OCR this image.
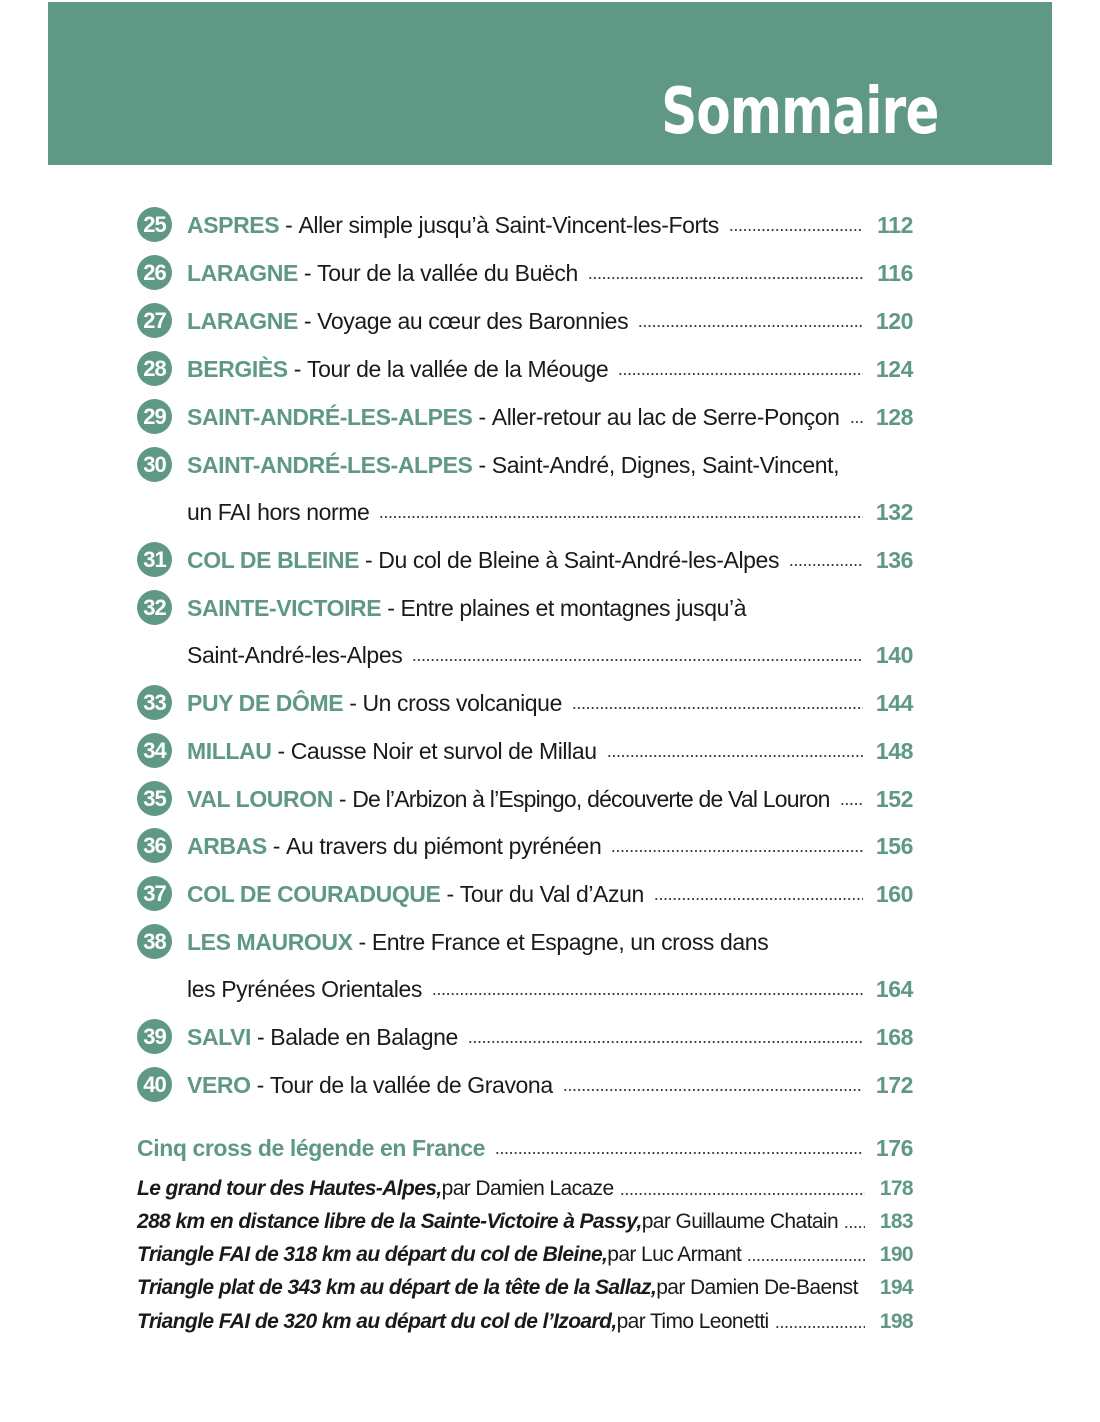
Sommaire
25 ASPRES - Aller simple jusqu’à Saint-Vincent-les-Forts	112
26 LARAGNE - Tour de la vallée du Buëch	116
27 LARAGNE - Voyage au cœur des Baronnies	120
28 BERGIÈS - Tour de la vallée de la Méouge	124
29 SAINT-ANDRÉ-LES-ALPES - Aller-retour au lac de Serre-Ponçon 128
30 SAINT-ANDRÉ-LES-ALPES - Saint-André, Dignes, Saint-Vincent,
un FAI hors norme	132
31 COL DE BLEINE - Du col de Bleine à Saint-André-les-Alpes	136
32 SAINTE-VICTOIRE - Entre plaines et montagnes jusqu’à
Saint-André-les-Alpes	140
33 PUY DE DÔME - Un cross volcanique	144
34 MILLAU - Causse Noir et survol de Millau	148
35 VAL LOURON - De l’Arbizon à l’Espingo, découverte de Val Louron 152
36 ARBAS - Au travers du piémont pyrénéen	156
37 COL DE COURADUQUE - Tour du Val d’Azun	160
38 LES MAUROUX - Entre France et Espagne, un cross dans
les Pyrénées Orientales	164
39 SALVI - Balade en Balagne	168
40 VERO - Tour de la vallée de Gravona	172
Cinq cross de légende en France	176
Le grand tour des Hautes-Alpes, par Damien Lacaze	178
288 km en distance libre de la Sainte-Victoire à Passy, par Guillaume Chatain	183
Triangle FAI de 318 km au départ du col de Bleine, par Luc Armant	190
Triangle plat de 343 km au départ de la tête de la Sallaz, par Damien De-Baenst	194
Triangle FAI de 320 km au départ du col de l’Izoard, par Timo Leonetti	198
